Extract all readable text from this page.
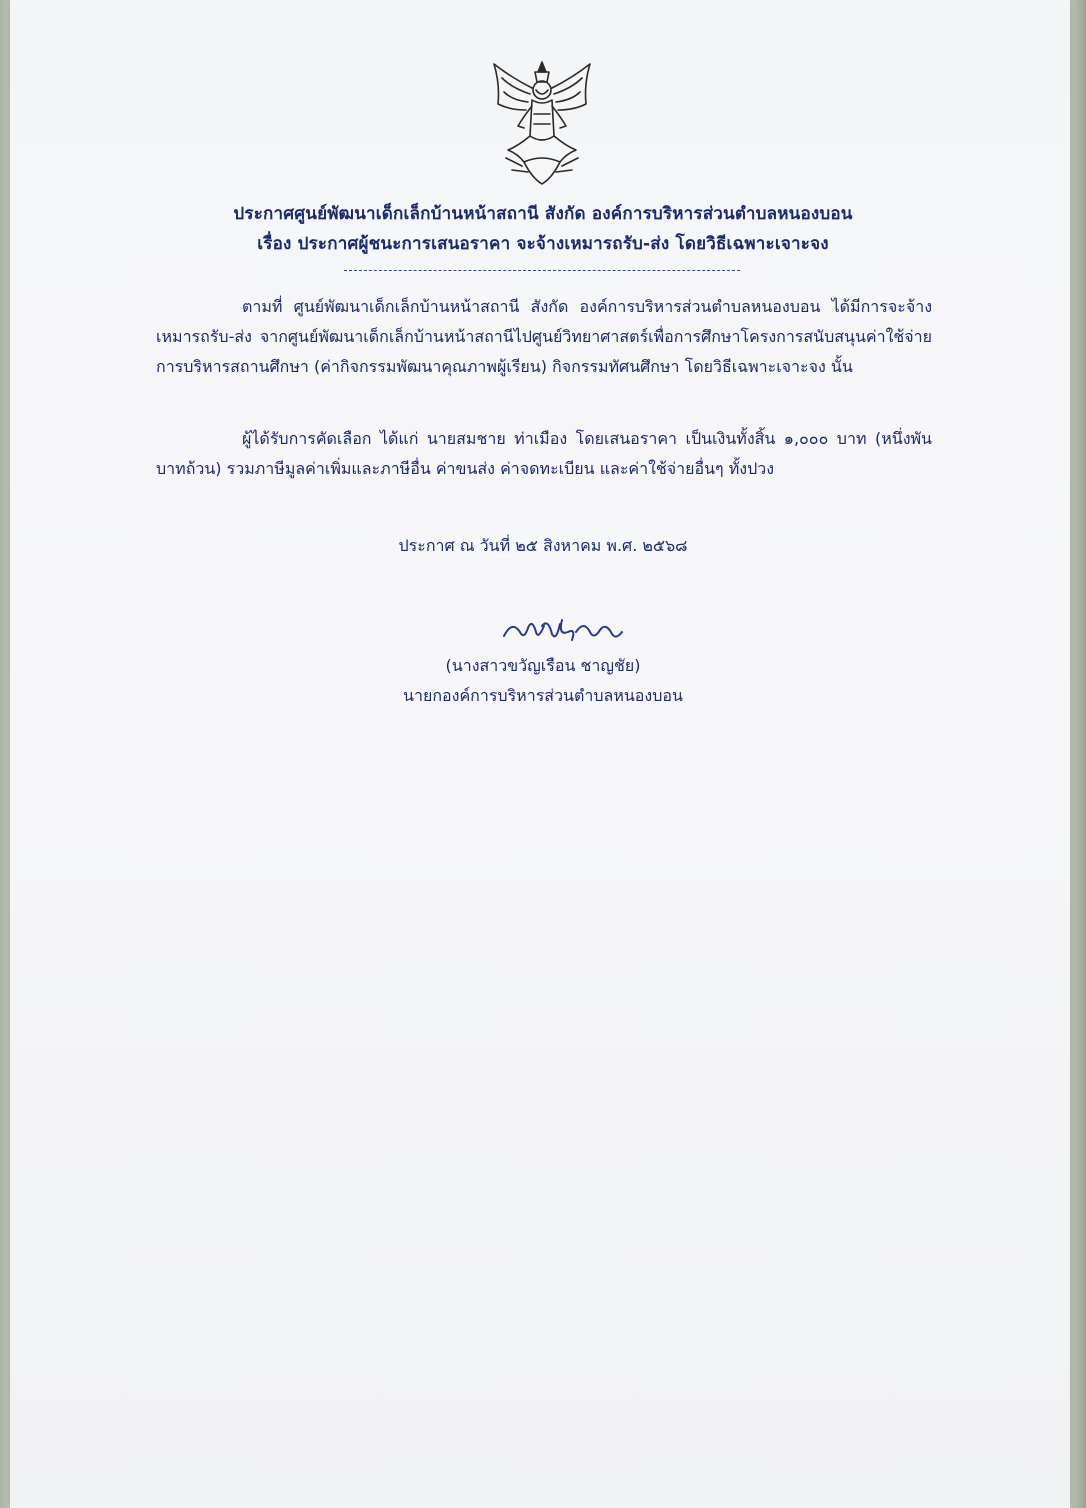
ประกาศศูนย์พัฒนาเด็กเล็กบ้านหน้าสถานี สังกัด องค์การบริหารส่วนตำบลหนองบอน
เรื่อง ประกาศผู้ชนะการเสนอราคา จะจ้างเหมารถรับ-ส่ง โดยวิธีเฉพาะเจาะจง

ตามที่ ศูนย์พัฒนาเด็กเล็กบ้านหน้าสถานี สังกัด องค์การบริหารส่วนตำบลหนองบอน ได้มีการจะจ้างเหมารถรับ-ส่ง จากศูนย์พัฒนาเด็กเล็กบ้านหน้าสถานีไปศูนย์วิทยาศาสตร์เพื่อการศึกษาโครงการสนับสนุนค่าใช้จ่ายการบริหารสถานศึกษา (ค่ากิจกรรมพัฒนาคุณภาพผู้เรียน) กิจกรรมทัศนศึกษา โดยวิธีเฉพาะเจาะจง นั้น

ผู้ได้รับการคัดเลือก ได้แก่ นายสมชาย ท่าเมือง โดยเสนอราคา เป็นเงินทั้งสิ้น ๑,๐๐๐ บาท (หนึ่งพันบาทถ้วน) รวมภาษีมูลค่าเพิ่มและภาษีอื่น ค่าขนส่ง ค่าจดทะเบียน และค่าใช้จ่ายอื่นๆ ทั้งปวง

ประกาศ ณ วันที่ ๒๕ สิงหาคม พ.ศ. ๒๕๖๘
(นางสาวขวัญเรือน ชาญชัย)
นายกองค์การบริหารส่วนตำบลหนองบอน
